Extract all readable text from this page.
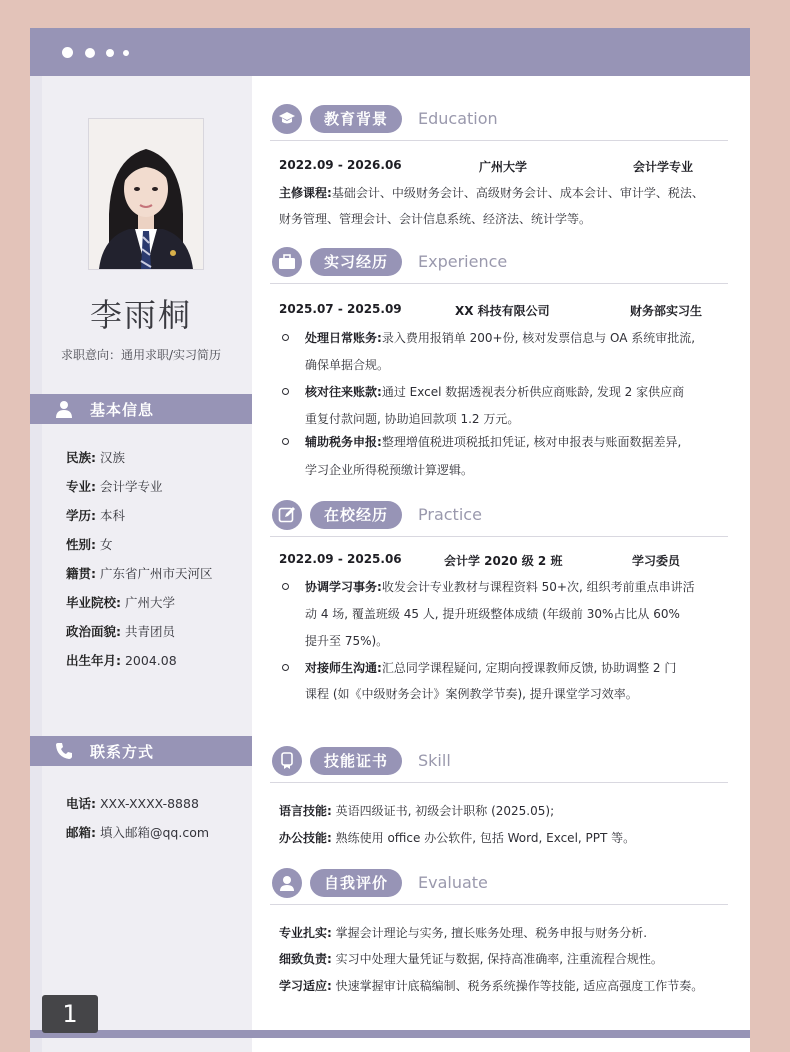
李雨桐
求职意向：通用求职/实习简历
基本信息
民族: 汉族
专业: 会计学专业
学历: 本科
性别: 女
籍贯: 广东省广州市天河区
毕业院校: 广州大学
政治面貌: 共青团员
出生年月: 2004.08
联系方式
电话: XXX-XXXX-8888
邮箱: 填入邮箱@qq.com
教育背景	Education
2022.09 - 2026.06	广州大学	会计学专业
主修课程:基础会计、中级财务会计、高级财务会计、成本会计、审计学、税法、
财务管理、管理会计、会计信息系统、经济法、统计学等。
实习经历	Experience
2025.07 - 2025.09	XX 科技有限公司	财务部实习生
处理日常账务:录入费用报销单 200+份, 核对发票信息与 OA 系统审批流,
确保单据合规。
核对往来账款:通过 Excel 数据透视表分析供应商账龄, 发现 2 家供应商
重复付款问题, 协助追回款项 1.2 万元。
辅助税务申报:整理增值税进项税抵扣凭证, 核对申报表与账面数据差异,
学习企业所得税预缴计算逻辑。
在校经历	Practice
2022.09 - 2025.06	会计学 2020 级 2 班	学习委员
协调学习事务:收发会计专业教材与课程资料 50+次, 组织考前重点串讲活
动 4 场, 覆盖班级 45 人, 提升班级整体成绩 (年级前 30%占比从 60%
提升至 75%)。
对接师生沟通:汇总同学课程疑问, 定期向授课教师反馈, 协助调整 2 门
课程 (如《中级财务会计》案例教学节奏), 提升课堂学习效率。
技能证书	Skill
语言技能: 英语四级证书, 初级会计职称 (2025.05);
办公技能: 熟练使用 office 办公软件, 包括 Word, Excel, PPT 等。
自我评价	Evaluate
专业扎实: 掌握会计理论与实务, 擅长账务处理、税务申报与财务分析.
细致负责: 实习中处理大量凭证与数据, 保持高准确率, 注重流程合规性。
学习适应: 快速掌握审计底稿编制、税务系统操作等技能, 适应高强度工作节奏。
1
